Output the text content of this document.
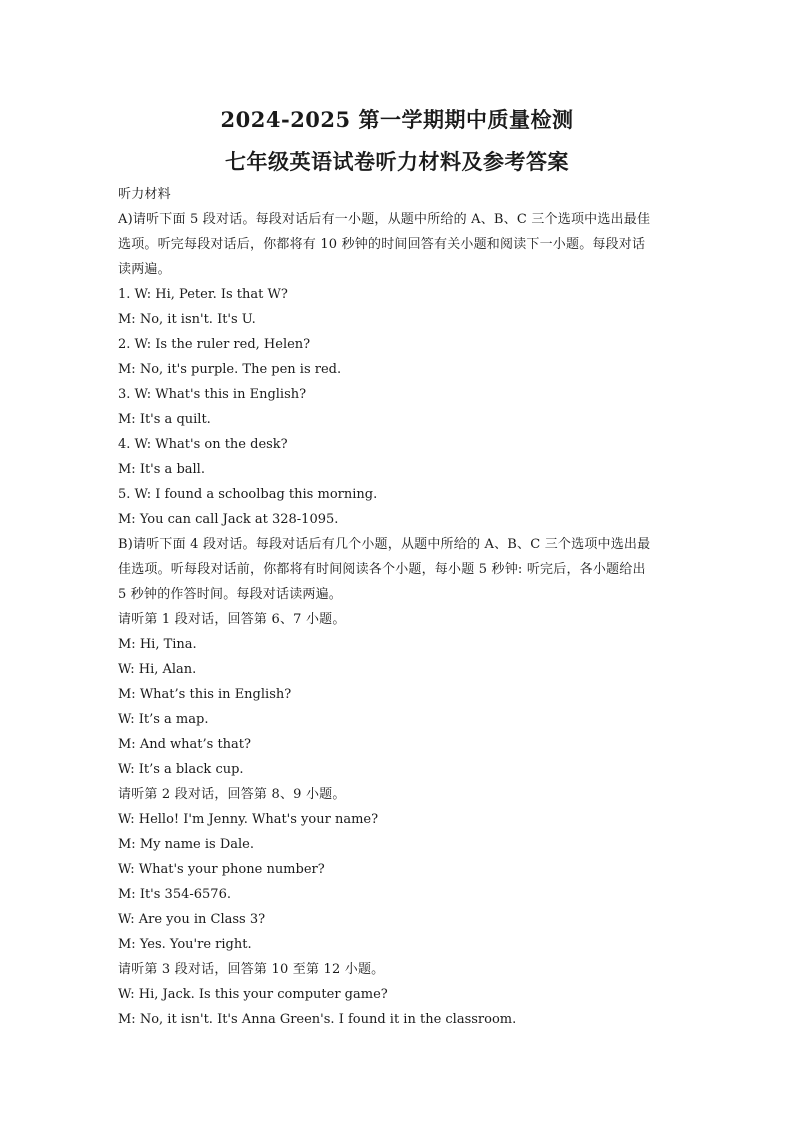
2024-2025 第一学期期中质量检测
七年级英语试卷听力材料及参考答案
听力材料
A)请听下面 5 段对话。每段对话后有一小题，从题中所给的 A、B、C 三个选项中选出最佳
选项。听完每段对话后，你都将有 10 秒钟的时间回答有关小题和阅读下一小题。每段对话
读两遍。
1. W: Hi, Peter. Is that W?
M: No, it isn't. It's U.
2. W: Is the ruler red, Helen?
M: No, it's purple. The pen is red.
3. W: What's this in English?
M: It's a quilt.
4. W: What's on the desk?
M: It's a ball.
5. W: I found a schoolbag this morning.
M: You can call Jack at 328-1095.
B)请听下面 4 段对话。每段对话后有几个小题，从题中所给的 A、B、C 三个选项中选出最
佳选项。听每段对话前，你都将有时间阅读各个小题，每小题 5 秒钟: 听完后，各小题给出
5 秒钟的作答时间。每段对话读两遍。
请听第 1 段对话，回答第 6、7 小题。
M: Hi, Tina.
W: Hi, Alan.
M: What’s this in English?
W: It’s a map.
M: And what’s that?
W: It’s a black cup.
请听第 2 段对话，回答第 8、9 小题。
W: Hello! I'm Jenny. What's your name?
M: My name is Dale.
W: What's your phone number?
M: It's 354-6576.
W: Are you in Class 3?
M: Yes. You're right.
请听第 3 段对话，回答第 10 至第 12 小题。
W: Hi, Jack. Is this your computer game?
M: No, it isn't. It's Anna Green's. I found it in the classroom.
